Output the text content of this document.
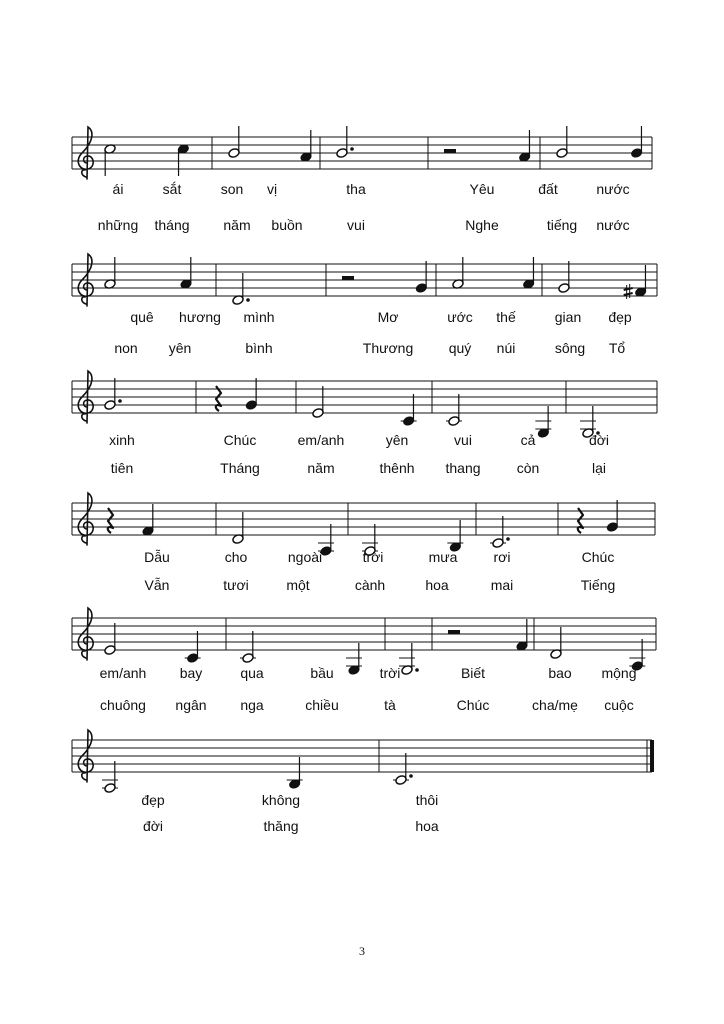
3
ái	sắt	son vị	tha	Yêu	đất	nước
những tháng năm buồn	vui	Nghe	tiếng nước
quê hương mình	Mơ	ước thế	gian đẹp
non yên	bình	Thương	quý núi	sông Tổ
xinh	Chúc	em/anh	yên	vui	cả	đời
tiên	Tháng	năm	thênh thang	còn	lại
Dẫu	cho	ngoài	trời	mưa	rơi	Chúc
Vẫn	tươi	một	cành	hoa	mai	Tiếng
em/anh bay	qua	bầu	trời	Biết	bao mộng
chuông ngân nga	chiều	tà	Chúc	cha/mẹ cuộc
đẹp	không	thôi
đời	thăng	hoa
